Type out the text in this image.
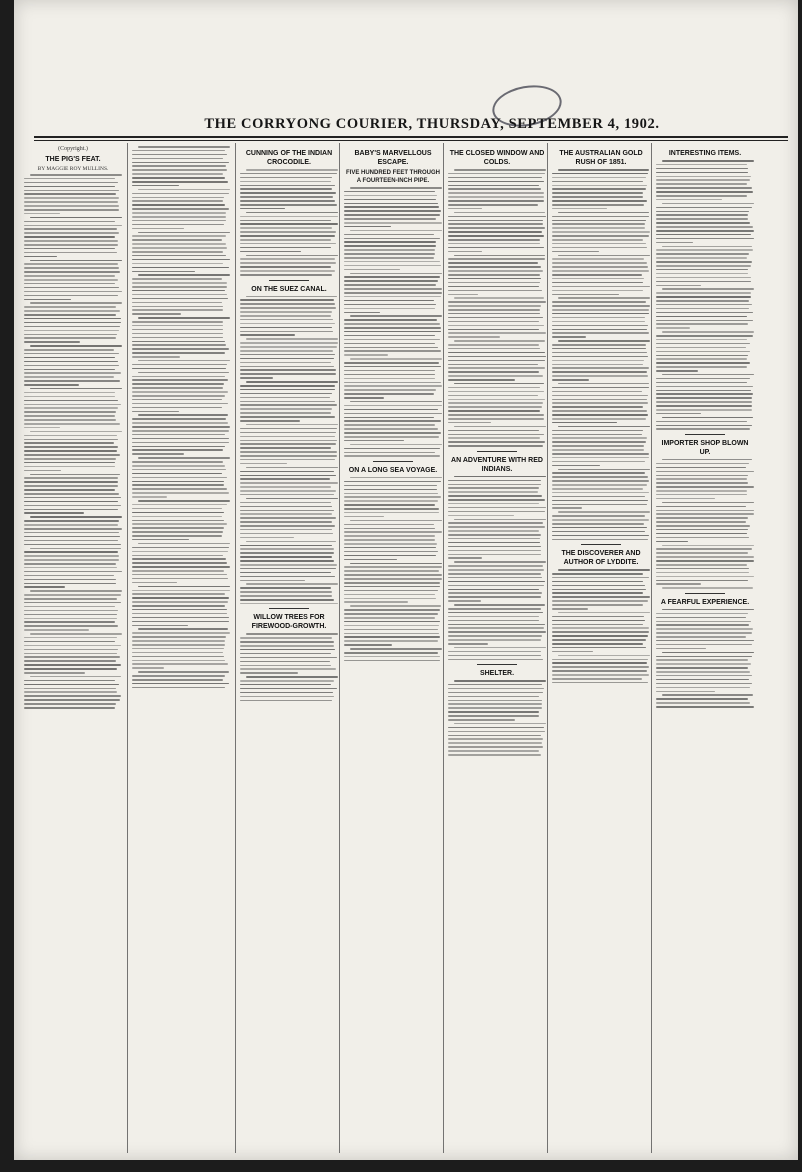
THE CORRYONG COURIER, THURSDAY, SEPTEMBER 4, 1902.
(Copyright.)
THE PIG'S FEAT.
BY MAGGIE ROY MULLINS.
CUNNING OF THE INDIAN CROCODILE.
ON THE SUEZ CANAL.
WILLOW TREES FOR FIREWOOD-GROWTH.
BABY'S MARVELLOUS ESCAPE.
FIVE HUNDRED FEET THROUGH A FOURTEEN-INCH PIPE.
ON A LONG SEA VOYAGE.
THE CLOSED WINDOW AND COLDS.
AN ADVENTURE WITH RED INDIANS.
SHELTER.
THE AUSTRALIAN GOLD RUSH OF 1851.
THE DISCOVERER AND AUTHOR OF LYDDITE.
INTERESTING ITEMS.
IMPORTER SHOP BLOWN UP.
A FEARFUL EXPERIENCE.
